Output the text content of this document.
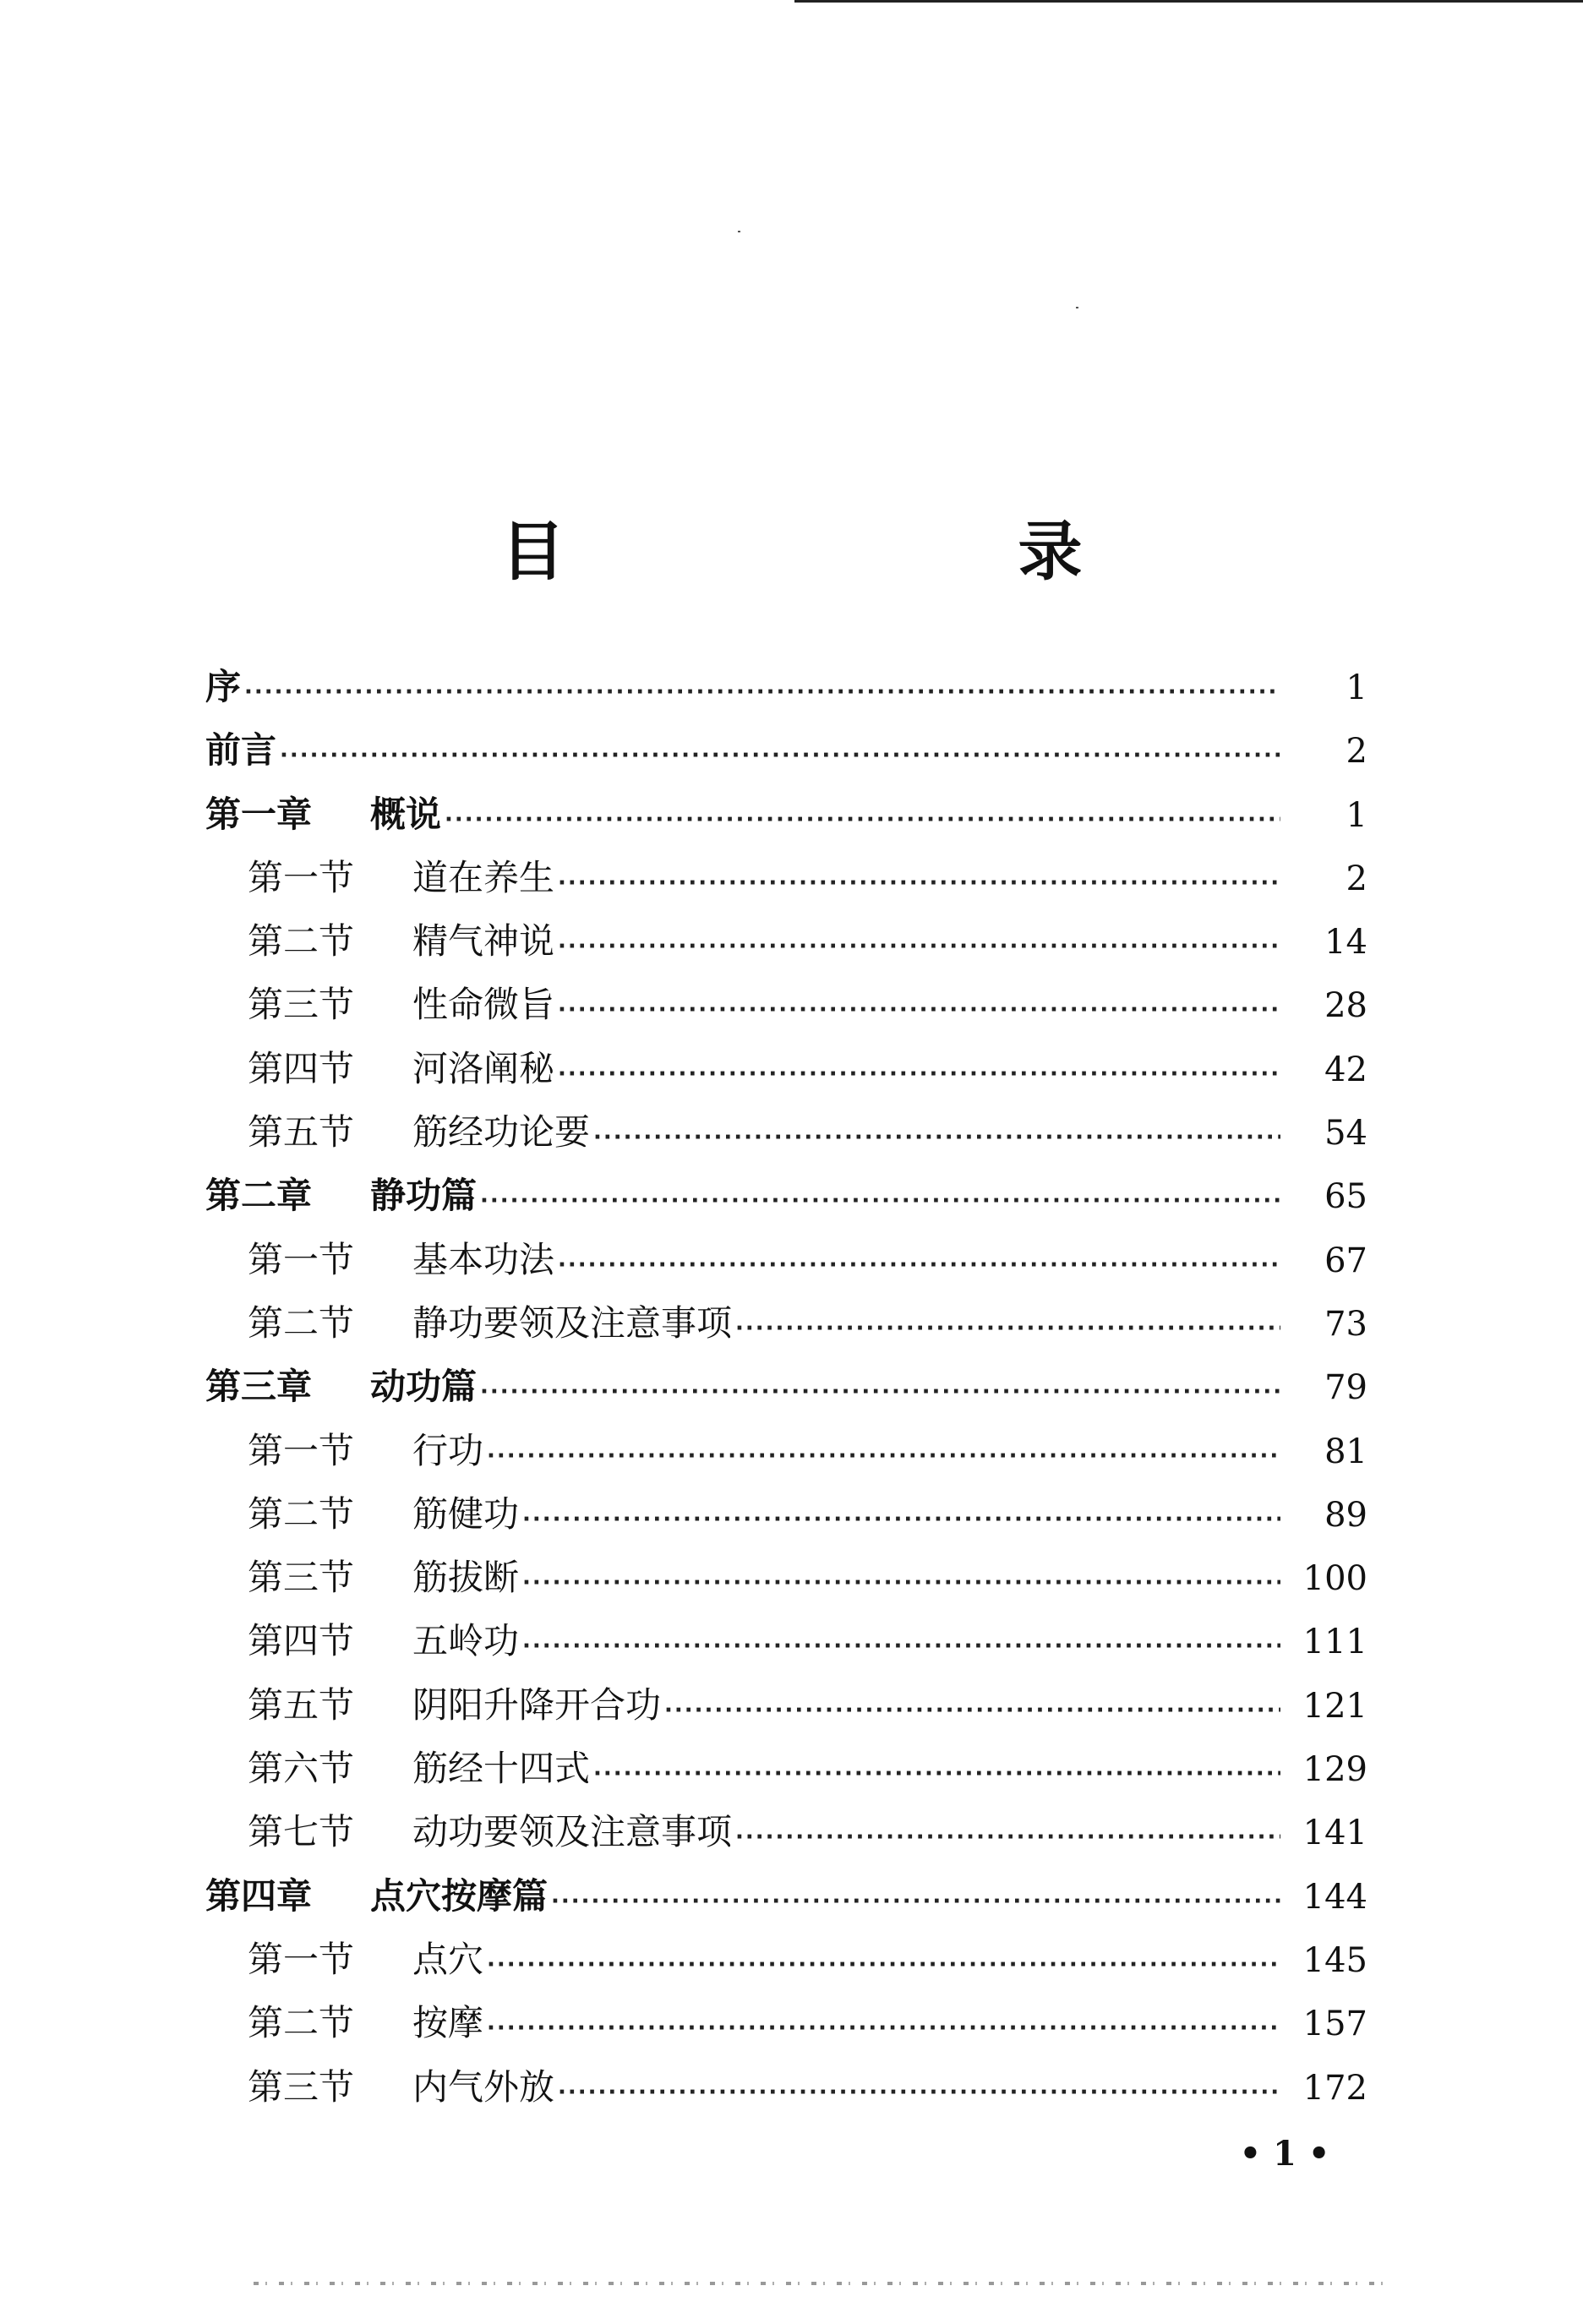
目　录
序 ·····	1
前言 ·····	2
第一章	概说 ·····	1
第一节	道在养生 ·····	2
第二节	精气神说 ·····	14
第三节	性命微旨 ·····	28
第四节	河洛阐秘 ·····	42
第五节	筋经功论要 ·····	54
第二章	静功篇 ·····	65
第一节	基本功法 ·····	67
第二节	静功要领及注意事项 ·····	73
第三章	动功篇 ·····	79
第一节	行功 ·····	81
第二节	筋健功 ·····	89
第三节	筋拔断 ·····	100
第四节	五岭功 ·····	111
第五节	阴阳升降开合功 ·····	121
第六节	筋经十四式 ·····	129
第七节	动功要领及注意事项 ·····	141
第四章	点穴按摩篇 ·····	144
第一节	点穴 ·····	145
第二节	按摩 ·····	157
第三节	内气外放 ·····	172
• 1 •
